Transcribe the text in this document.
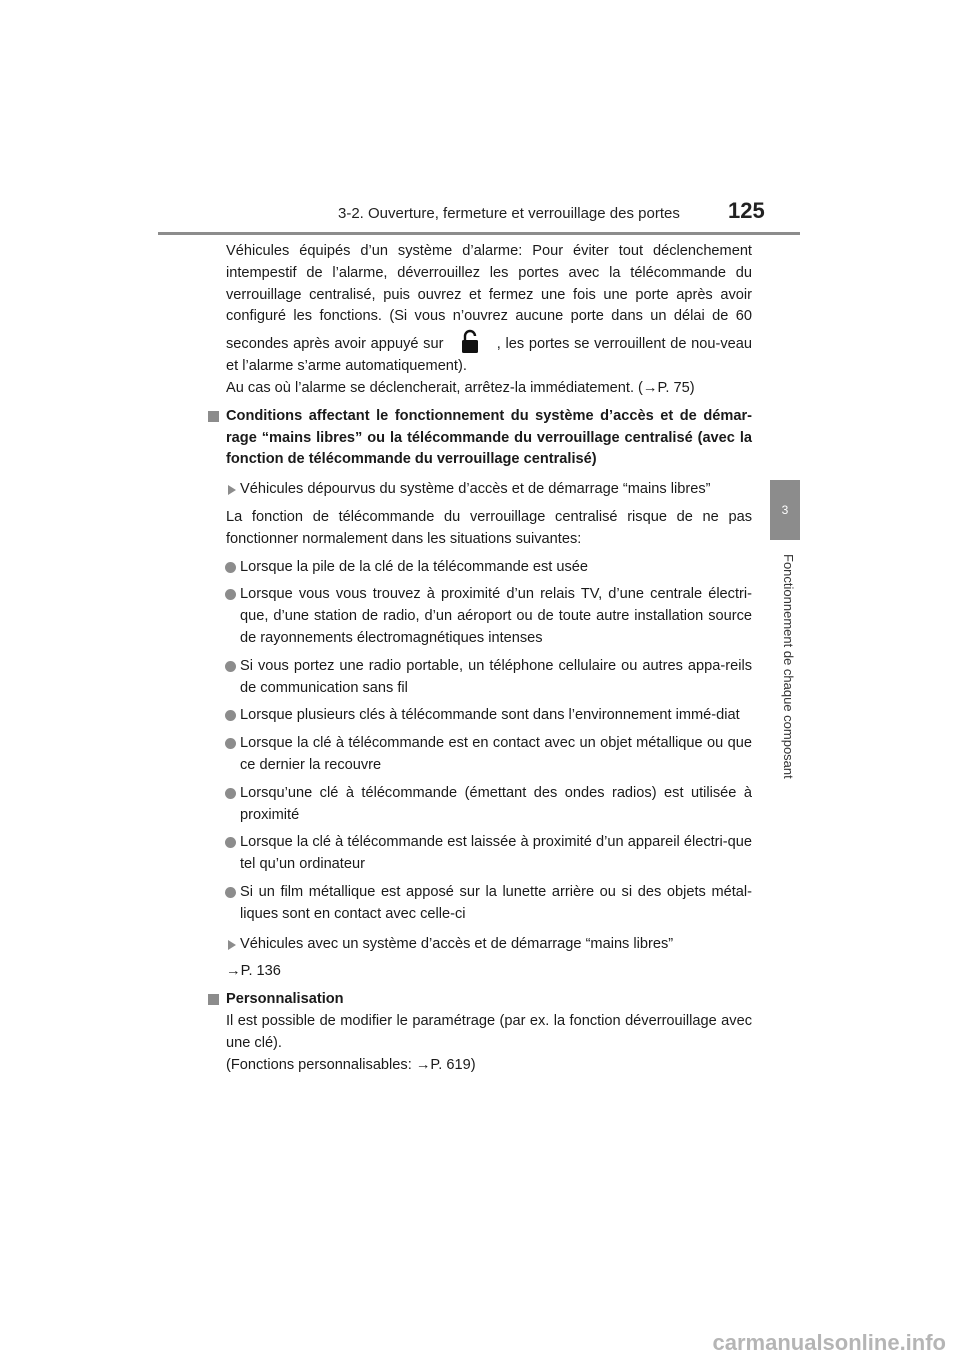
3-2. Ouverture, fermeture et verrouillage des portes 125
3
Fonctionnement de chaque composant

Véhicules équipés d’un système d’alarme: Pour éviter tout déclenchement intempestif de l’alarme, déverrouillez les portes avec la télécommande du verrouillage centralisé, puis ouvrez et fermez une fois une porte après avoir configuré les fonctions. (Si vous n’ouvrez aucune porte dans un délai de 60 secondes après avoir appuyé sur	, les portes se verrouillent de nou-veau et l’alarme s’arme automatiquement).

Au cas où l’alarme se déclencherait, arrêtez-la immédiatement. (→P. 75)

Conditions affectant le fonctionnement du système d’accès et de démar-rage “mains libres” ou la télécommande du verrouillage centralisé (avec la fonction de télécommande du verrouillage centralisé)

Véhicules dépourvus du système d’accès et de démarrage “mains libres”

La fonction de télécommande du verrouillage centralisé risque de ne pas fonctionner normalement dans les situations suivantes:

Lorsque la pile de la clé de la télécommande est usée

Lorsque vous vous trouvez à proximité d’un relais TV, d’une centrale électri-que, d’une station de radio, d’un aéroport ou de toute autre installation source de rayonnements électromagnétiques intenses

Si vous portez une radio portable, un téléphone cellulaire ou autres appa-reils de communication sans fil

Lorsque plusieurs clés à télécommande sont dans l’environnement immé-diat

Lorsque la clé à télécommande est en contact avec un objet métallique ou que ce dernier la recouvre

Lorsqu’une clé à télécommande (émettant des ondes radios) est utilisée à proximité

Lorsque la clé à télécommande est laissée à proximité d’un appareil électri-que tel qu’un ordinateur

Si un film métallique est apposé sur la lunette arrière ou si des objets métal-liques sont en contact avec celle-ci

Véhicules avec un système d’accès et de démarrage “mains libres”

→P. 136

Personnalisation

Il est possible de modifier le paramétrage (par ex. la fonction déverrouillage avec une clé).

(Fonctions personnalisables: →P. 619)

carmanualsonline.info
